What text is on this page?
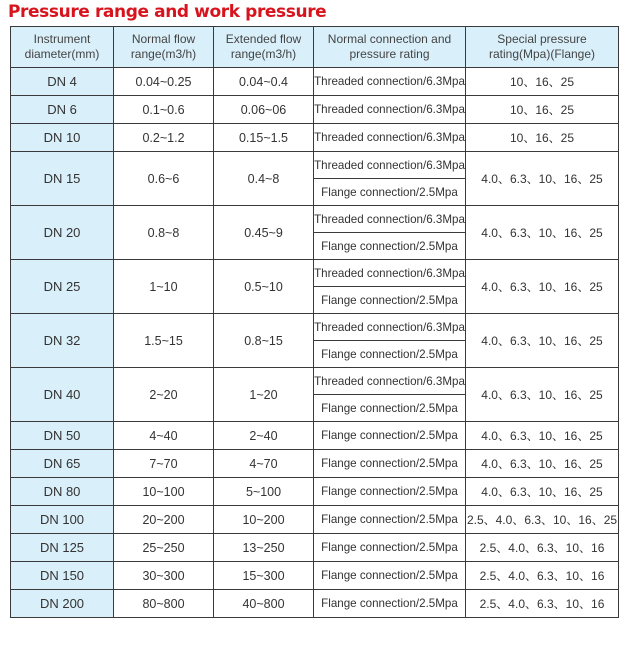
Pressure range and work pressure
Instrument diameter(mm)	Normal flow range(m3/h)	Extended flow range(m3/h)	Normal connection and pressure rating	Special pressure rating(Mpa)(Flange)
DN 4	0.04~0.25	0.04~0.4	Threaded connection/6.3Mpa	10、16、25
DN 6	0.1~0.6	0.06~06	Threaded connection/6.3Mpa	10、16、25
DN 10	0.2~1.2	0.15~1.5	Threaded connection/6.3Mpa	10、16、25
DN 15	0.6~6	0.4~8	Threaded connection/6.3Mpa	4.0、6.3、10、16、25
			Flange connection/2.5Mpa	
DN 20	0.8~8	0.45~9	Threaded connection/6.3Mpa	4.0、6.3、10、16、25
			Flange connection/2.5Mpa	
DN 25	1~10	0.5~10	Threaded connection/6.3Mpa	4.0、6.3、10、16、25
			Flange connection/2.5Mpa	
DN 32	1.5~15	0.8~15	Threaded connection/6.3Mpa	4.0、6.3、10、16、25
			Flange connection/2.5Mpa	
DN 40	2~20	1~20	Threaded connection/6.3Mpa	4.0、6.3、10、16、25
			Flange connection/2.5Mpa	
DN 50	4~40	2~40	Flange connection/2.5Mpa	4.0、6.3、10、16、25
DN 65	7~70	4~70	Flange connection/2.5Mpa	4.0、6.3、10、16、25
DN 80	10~100	5~100	Flange connection/2.5Mpa	4.0、6.3、10、16、25
DN 100	20~200	10~200	Flange connection/2.5Mpa	2.5、4.0、6.3、10、16、25
DN 125	25~250	13~250	Flange connection/2.5Mpa	2.5、4.0、6.3、10、16
DN 150	30~300	15~300	Flange connection/2.5Mpa	2.5、4.0、6.3、10、16
DN 200	80~800	40~800	Flange connection/2.5Mpa	2.5、4.0、6.3、10、16
